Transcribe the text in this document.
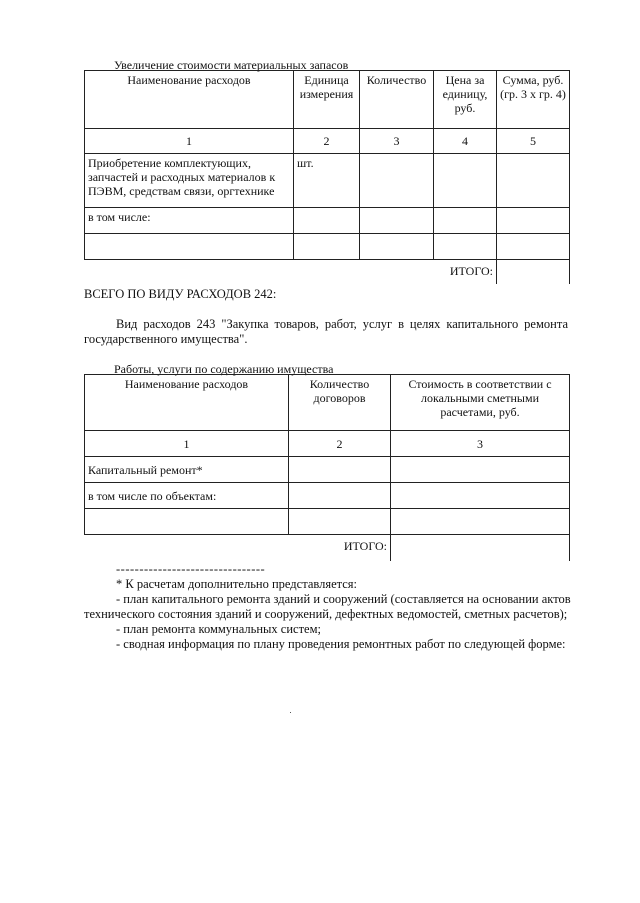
Увеличение стоимости материальных запасов
Наименование расходов	Единица измерения	Количество	Цена за единицу, руб.	Сумма, руб. (гр. 3 х гр. 4)
1	2	3	4	5
Приобретение комплектующих, запчастей и расходных материалов к ПЭВМ, средствам связи, оргтехнике	шт.			
в том числе:				

ИТОГО:				
ВСЕГО ПО ВИДУ РАСХОДОВ 242:
Вид расходов 243 "Закупка товаров, работ, услуг в целях капитального ремонта государственного имущества".
Работы, услуги по содержанию имущества
Наименование расходов	Количество договоров	Стоимость в соответствии с локальными сметными расчетами, руб.
1	2	3
Капитальный ремонт*		
в том числе по объектам:		

ИТОГО:		
--------------------------------
* К расчетам дополнительно представляется:
- план капитального ремонта зданий и сооружений (составляется на основании актов
технического состояния зданий и сооружений, дефектных ведомостей, сметных расчетов);
- план ремонта коммунальных систем;
- сводная информация по плану проведения ремонтных работ по следующей форме:
